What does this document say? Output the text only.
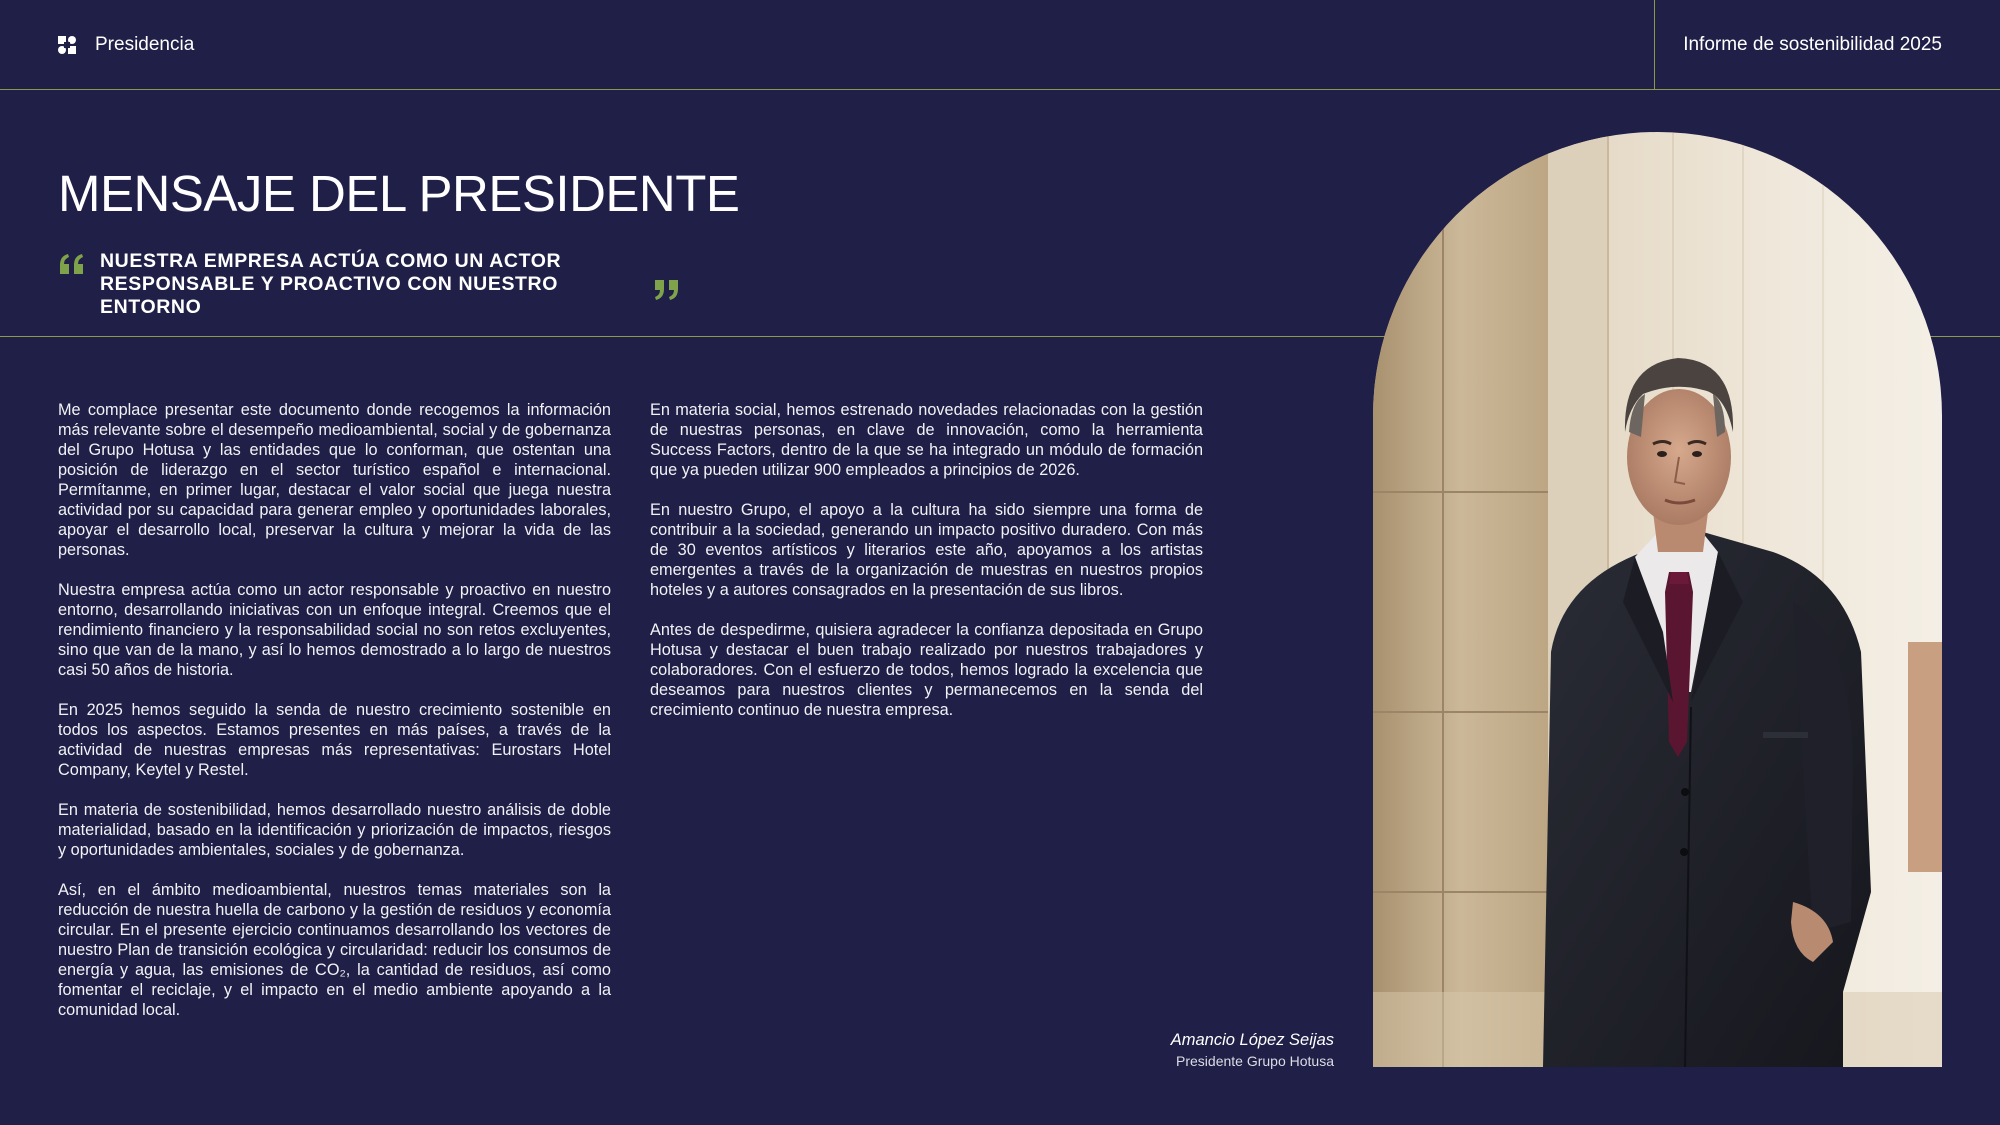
Presidencia	Informe de sostenibilidad 2025
MENSAJE DEL PRESIDENTE
NUESTRA EMPRESA ACTÚA COMO UN ACTOR
RESPONSABLE Y PROACTIVO CON NUESTRO ENTORNO

Me complace presentar este documento donde recogemos la información más relevante sobre el desempeño medioambiental, social y de gobernanza del Grupo Hotusa y las entidades que lo conforman, que ostentan una posición de liderazgo en el sector turístico español e internacional. Permítanme, en primer lugar, destacar el valor social que juega nuestra actividad por su capacidad para generar empleo y oportunidades laborales, apoyar el desarrollo local, preservar la cultura y mejorar la vida de las personas.

Nuestra empresa actúa como un actor responsable y proactivo en nuestro entorno, desarrollando iniciativas con un enfoque integral. Creemos que el rendimiento financiero y la responsabilidad social no son retos excluyentes, sino que van de la mano, y así lo hemos demostrado a lo largo de nuestros casi 50 años de historia.

En 2025 hemos seguido la senda de nuestro crecimiento sostenible en todos los aspectos. Estamos presentes en más países, a través de la actividad de nuestras empresas más representativas: Eurostars Hotel Company, Keytel y Restel.

En materia de sostenibilidad, hemos desarrollado nuestro análisis de doble materialidad, basado en la identificación y priorización de impactos, riesgos y oportunidades ambientales, sociales y de gobernanza.

Así, en el ámbito medioambiental, nuestros temas materiales son la reducción de nuestra huella de carbono y la gestión de residuos y economía circular. En el presente ejercicio continuamos desarrollando los vectores de nuestro Plan de transición ecológica y circularidad: reducir los consumos de energía y agua, las emisiones de CO₂, la cantidad de residuos, así como fomentar el reciclaje, y el impacto en el medio ambiente apoyando a la comunidad local.

En materia social, hemos estrenado novedades relacionadas con la gestión de nuestras personas, en clave de innovación, como la herramienta Success Factors, dentro de la que se ha integrado un módulo de formación que ya pueden utilizar 900 empleados a principios de 2026.

En nuestro Grupo, el apoyo a la cultura ha sido siempre una forma de contribuir a la sociedad, generando un impacto positivo duradero. Con más de 30 eventos artísticos y literarios este año, apoyamos a los artistas emergentes a través de la organización de muestras en nuestros propios hoteles y a autores consagrados en la presentación de sus libros.

Antes de despedirme, quisiera agradecer la confianza depositada en Grupo Hotusa y destacar el buen trabajo realizado por nuestros trabajadores y colaboradores. Con el esfuerzo de todos, hemos logrado la excelencia que deseamos para nuestros clientes y permanecemos en la senda del crecimiento continuo de nuestra empresa.

Amancio López Seijas
Presidente Grupo Hotusa
